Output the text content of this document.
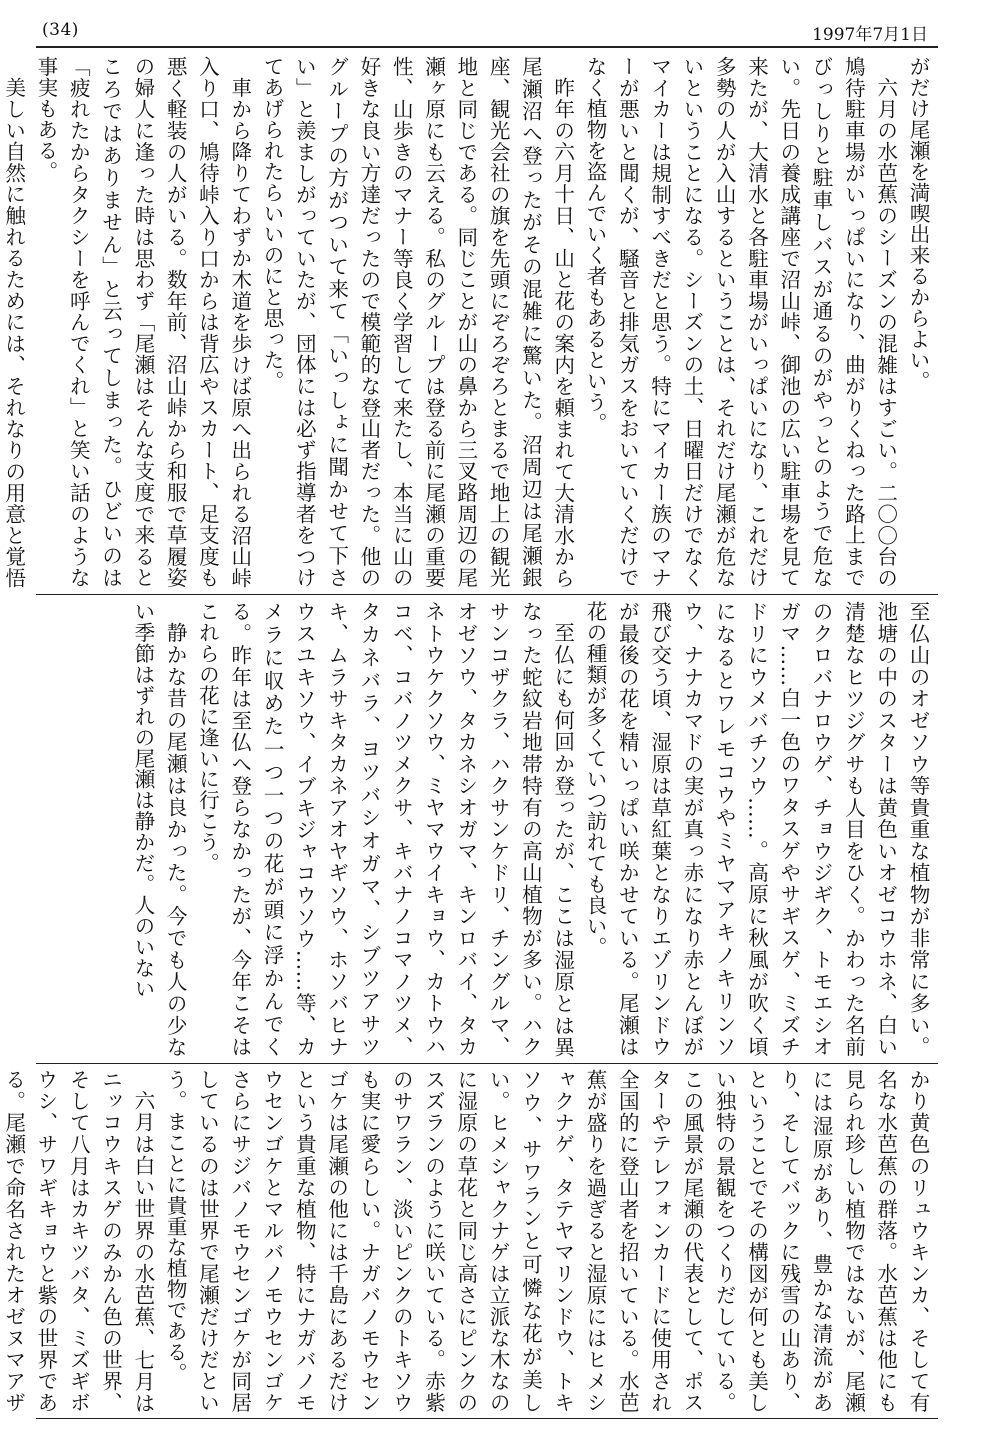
(34)	1997年7月1日

がだけ尾瀬を満喫出来るからよい。

六月の水芭蕉のシーズンの混雑はすごい。二〇〇台の鳩待駐車場がいっぱいになり、曲がりくねった路上までびっしりと駐車しバスが通るのがやっとのようで危ない。先日の養成講座で沼山峠、御池の広い駐車場を見て来たが、大清水と各駐車場がいっぱいになり、これだけ多勢の人が入山するということは、それだけ尾瀬が危ないということになる。シーズンの土、日曜日だけでなくマイカーは規制すべきだと思う。特にマイカー族のマナーが悪いと聞くが、騒音と排気ガスをおいていくだけでなく植物を盗んでいく者もあるという。

昨年の六月十日、山と花の案内を頼まれて大清水から尾瀬沼へ登ったがその混雑に驚いた。沼周辺は尾瀬銀座、観光会社の旗を先頭にぞろぞろとまるで地上の観光地と同じである。同じことが山の鼻から三叉路周辺の尾瀬ヶ原にも云える。私のグループは登る前に尾瀬の重要性、山歩きのマナー等良く学習して来たし、本当に山の好きな良い方達だったので模範的な登山者だった。他のグループの方がついて来て「いっしょに聞かせて下さい」と羨ましがっていたが、団体には必ず指導者をつけてあげられたらいいのにと思った。

車から降りてわずか木道を歩けば原へ出られる沼山峠入り口、鳩待峠入り口からは背広やスカート、足支度も悪く軽装の人がいる。数年前、沼山峠から和服で草履姿の婦人に逢った時は思わず「尾瀬はそんな支度で来るところではありません」と云ってしまった。ひどいのは「疲れたからタクシーを呼んでくれ」と笑い話のような事実もある。

美しい自然に触れるためには、それなりの用意と覚悟

至仏山のオゼソウ等貴重な植物が非常に多い。池塘の中のスターは黄色いオゼコウホネ、白い清楚なヒツジグサも人目をひく。かわった名前のクロバナロウゲ、チョウジギク、トモエシオガマ……白一色のワタスゲやサギスゲ、ミズチドリにウメバチソウ……。高原に秋風が吹く頃になるとワレモコウやミヤマアキノキリンソウ、ナナカマドの実が真っ赤になり赤とんぼが飛び交う頃、湿原は草紅葉となりエゾリンドウが最後の花を精いっぱい咲かせている。尾瀬は花の種類が多くていつ訪れても良い。

至仏にも何回か登ったが、ここは湿原とは異なった蛇紋岩地帯特有の高山植物が多い。ハクサンコザクラ、ハクサンケドリ、チングルマ、オゼソウ、タカネシオガマ、キンロバイ、タカネトウケクソウ、ミヤマウイキョウ、カトウハコベ、コバノツメクサ、キバナノコマノツメ、タカネバラ、ヨツバシオガマ、シブツアサツキ、ムラサキタカネアオヤギソウ、ホソバヒナウスユキソウ、イブキジャコウソウ……等、カメラに収めた一つ一つの花が頭に浮かんでくる。昨年は至仏へ登らなかったが、今年こそはこれらの花に逢いに行こう。

静かな昔の尾瀬は良かった。今でも人の少ない季節はずれの尾瀬は静かだ。人のいない

かり黄色のリュウキンカ、そして有名な水芭蕉の群落。水芭蕉は他にも見られ珍しい植物ではないが、尾瀬には湿原があり、豊かな清流があり、そしてバックに残雪の山あり、ということでその構図が何とも美しい独特の景観をつくりだしている。この風景が尾瀬の代表として、ポスターやテレフォンカードに使用され全国的に登山者を招いている。水芭蕉が盛りを過ぎると湿原にはヒメシャクナゲ、タテヤマリンドウ、トキソウ、サワランと可憐な花が美しい。ヒメシャクナゲは立派な木なのに湿原の草花と同じ高さにピンクのスズランのように咲いている。赤紫のサワラン、淡いピンクのトキソウも実に愛らしい。ナガバノモウセンゴケは尾瀬の他には千島にあるだけという貴重な植物、特にナガバノモウセンゴケとマルバノモウセンゴケさらにサジバノモウセンゴケが同居しているのは世界で尾瀬だけだという。まことに貴重な植物である。

六月は白い世界の水芭蕉、七月はニッコウキスゲのみかん色の世界、そして八月はカキツバタ、ミズギボウシ、サワギキョウと紫の世界である。尾瀬で命名されたオゼヌマアザ
